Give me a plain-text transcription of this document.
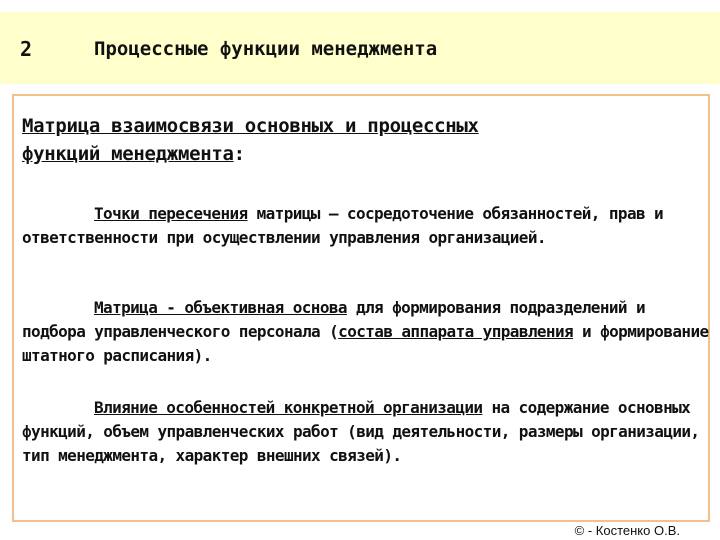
2	Процессные функции менеджмента

Матрица взаимосвязи основных и процессных
функций менеджмента:

Точки пересечения матрицы – сосредоточение обязанностей, прав и ответственности при осуществлении управления организацией.

Матрица - объективная основа для формирования подразделений и подбора управленческого персонала (состав аппарата управления и формирование штатного расписания).

Влияние особенностей конкретной организации на содержание основных функций, объем управленческих работ (вид деятельности, размеры организации, тип менеджмента, характер внешних связей).

© - Костенко О.В.
